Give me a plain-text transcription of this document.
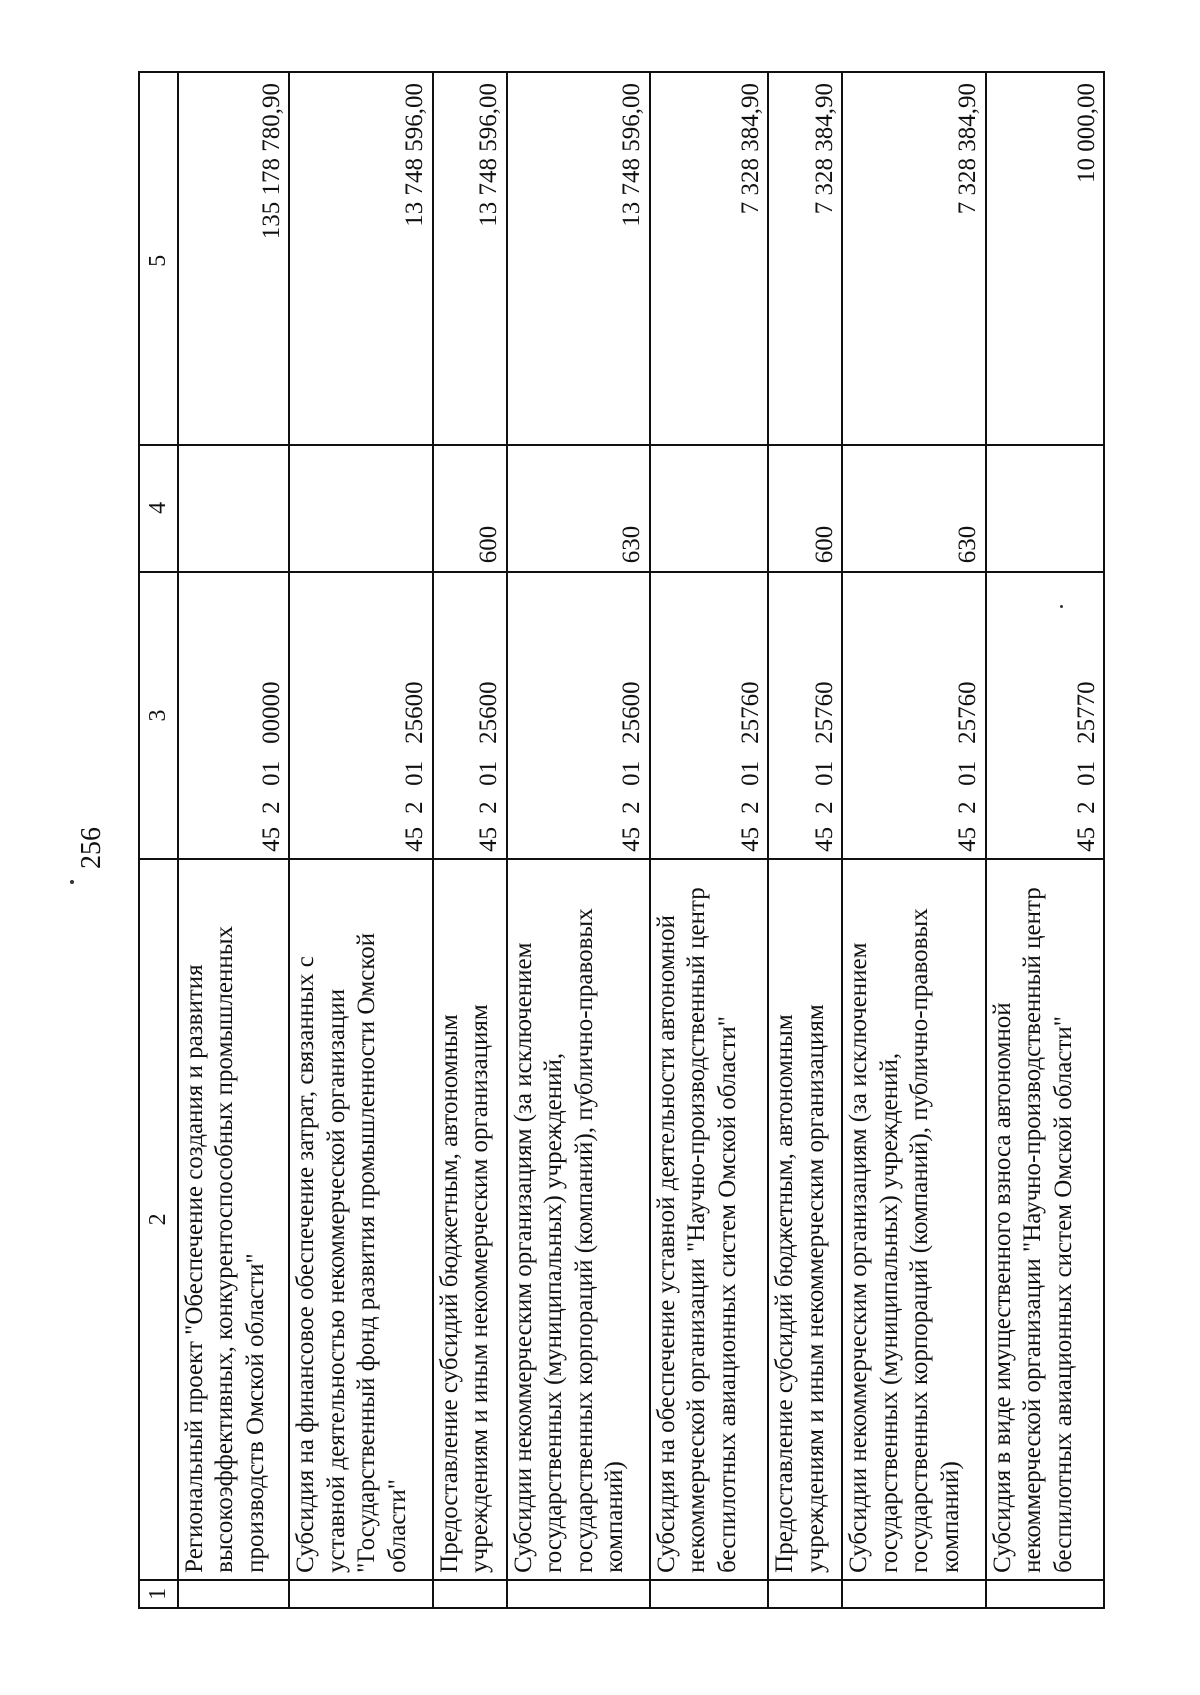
256
1	2	3	4	5
	Региональный проект "Обеспечение создания и развития высокоэффективных, конкурентоспособных промышленных производств Омской области"	4520100000		135 178 780,90
	Субсидия на финансовое обеспечение затрат, связанных с уставной деятельностью некоммерческой организации "Государственный фонд развития промышленности Омской области"	4520125600		13 748 596,00
	Предоставление субсидий бюджетным, автономным учреждениям и иным некоммерческим организациям	4520125600	600	13 748 596,00
	Субсидии некоммерческим организациям (за исключением государственных (муниципальных) учреждений, государственных корпораций (компаний), публично-правовых компаний)	4520125600	630	13 748 596,00
	Субсидия на обеспечение уставной деятельности автономной некоммерческой организации "Научно-производственный центр беспилотных авиационных систем Омской области"	4520125760		7 328 384,90
	Предоставление субсидий бюджетным, автономным учреждениям и иным некоммерческим организациям	4520125760	600	7 328 384,90
	Субсидии некоммерческим организациям (за исключением государственных (муниципальных) учреждений, государственных корпораций (компаний), публично-правовых компаний)	4520125760	630	7 328 384,90
	Субсидия в виде имущественного взноса автономной некоммерческой организации "Научно-производственный центр беспилотных авиационных систем Омской области"	4520125770		10 000,00
